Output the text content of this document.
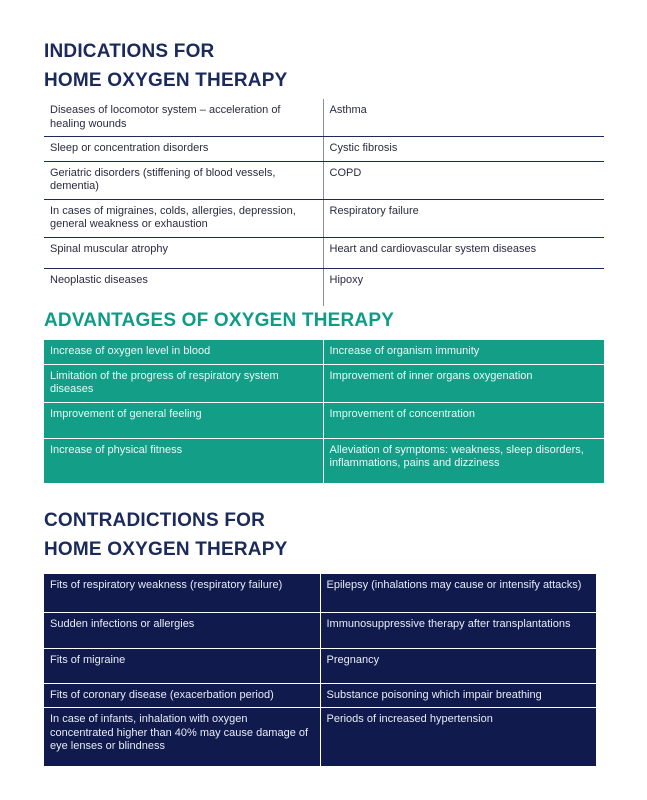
INDICATIONS FOR
HOME OXYGEN THERAPY
Diseases of locomotor system – acceleration of healing wounds	Asthma
Sleep or concentration disorders	Cystic fibrosis
Geriatric disorders (stiffening of blood vessels, dementia)	COPD
In cases of migraines, colds, allergies, depression, general weakness or exhaustion	Respiratory failure
Spinal muscular atrophy	Heart and cardiovascular system diseases
Neoplastic diseases	Hipoxy
ADVANTAGES OF OXYGEN THERAPY
Increase of oxygen level in blood	Increase of organism immunity
Limitation of the progress of respiratory system diseases	Improvement of inner organs oxygenation
Improvement of general feeling	Improvement of concentration
Increase of physical fitness	Alleviation of symptoms: weakness, sleep disorders, inflammations, pains and dizziness
CONTRADICTIONS FOR
HOME OXYGEN THERAPY
Fits of respiratory weakness (respiratory failure)	Epilepsy (inhalations may cause or intensify attacks)
Sudden infections or allergies	Immunosuppressive therapy after transplantations
Fits of migraine	Pregnancy
Fits of coronary disease (exacerbation period)	Substance poisoning which impair breathing
In case of infants, inhalation with oxygen concentrated higher than 40% may cause damage of eye lenses or blindness	Periods of increased hypertension
